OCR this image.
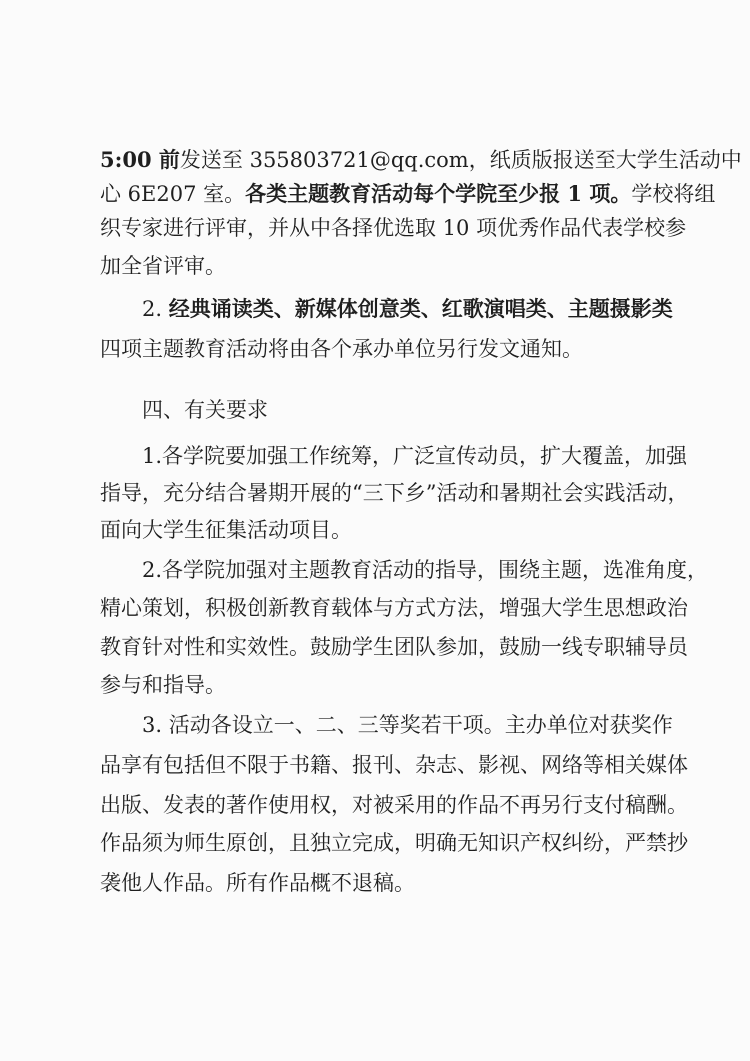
5:00 前发送至 355803721@qq.com，纸质版报送至大学生活动中
心 6E207 室。各类主题教育活动每个学院至少报 1 项。学校将组
织专家进行评审，并从中各择优选取 10 项优秀作品代表学校参
加全省评审。
2. 经典诵读类、新媒体创意类、红歌演唱类、主题摄影类
四项主题教育活动将由各个承办单位另行发文通知。
四、有关要求
1.各学院要加强工作统筹，广泛宣传动员，扩大覆盖，加强
指导，充分结合暑期开展的“三下乡”活动和暑期社会实践活动，
面向大学生征集活动项目。
2.各学院加强对主题教育活动的指导，围绕主题，选准角度，
精心策划，积极创新教育载体与方式方法，增强大学生思想政治
教育针对性和实效性。鼓励学生团队参加，鼓励一线专职辅导员
参与和指导。
3. 活动各设立一、二、三等奖若干项。主办单位对获奖作
品享有包括但不限于书籍、报刊、杂志、影视、网络等相关媒体
出版、发表的著作使用权，对被采用的作品不再另行支付稿酬。
作品须为师生原创，且独立完成，明确无知识产权纠纷，严禁抄
袭他人作品。所有作品概不退稿。
